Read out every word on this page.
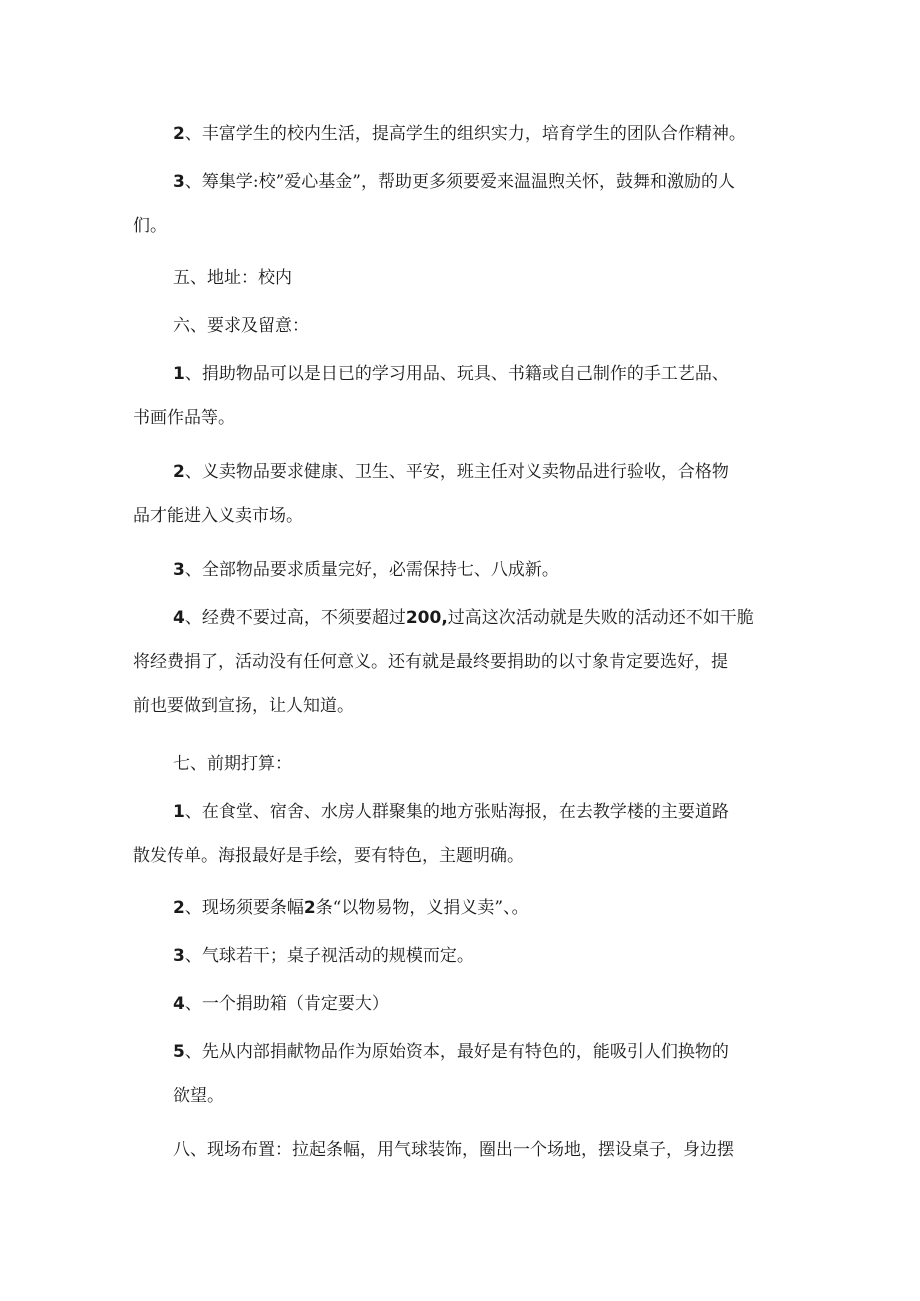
2、丰富学生的校内生活，提高学生的组织实力，培育学生的团队合作精神。

3、筹集学:校”爱心基金”，帮助更多须要爱来温温煦关怀，鼓舞和激励的人
们。

五、地址：校内

六、要求及留意：

1、捐助物品可以是日已的学习用品、玩具、书籍或自己制作的手工艺品、
书画作品等。

2、义卖物品要求健康、卫生、平安，班主任对义卖物品进行验收，合格物
品才能进入义卖市场。

3、全部物品要求质量完好，必需保持七、八成新。

4、经费不要过高，不须要超过200,过高这次活动就是失败的活动还不如干脆
将经费捐了，活动没有任何意义。还有就是最终要捐助的以寸象肯定要选好，提
前也要做到宣扬，让人知道。

七、前期打算：

1、在食堂、宿舍、水房人群聚集的地方张贴海报，在去教学楼的主要道路
散发传单。海报最好是手绘，要有特色，主题明确。

2、现场须要条幅2条“以物易物，义捐义卖”、。

3、气球若干；桌子视活动的规模而定。

4、一个捐助箱（肯定要大）

5、先从内部捐献物品作为原始资本，最好是有特色的，能吸引人们换物的
欲望。

八、现场布置：拉起条幅，用气球装饰，圈出一个场地，摆设桌子，身边摆
